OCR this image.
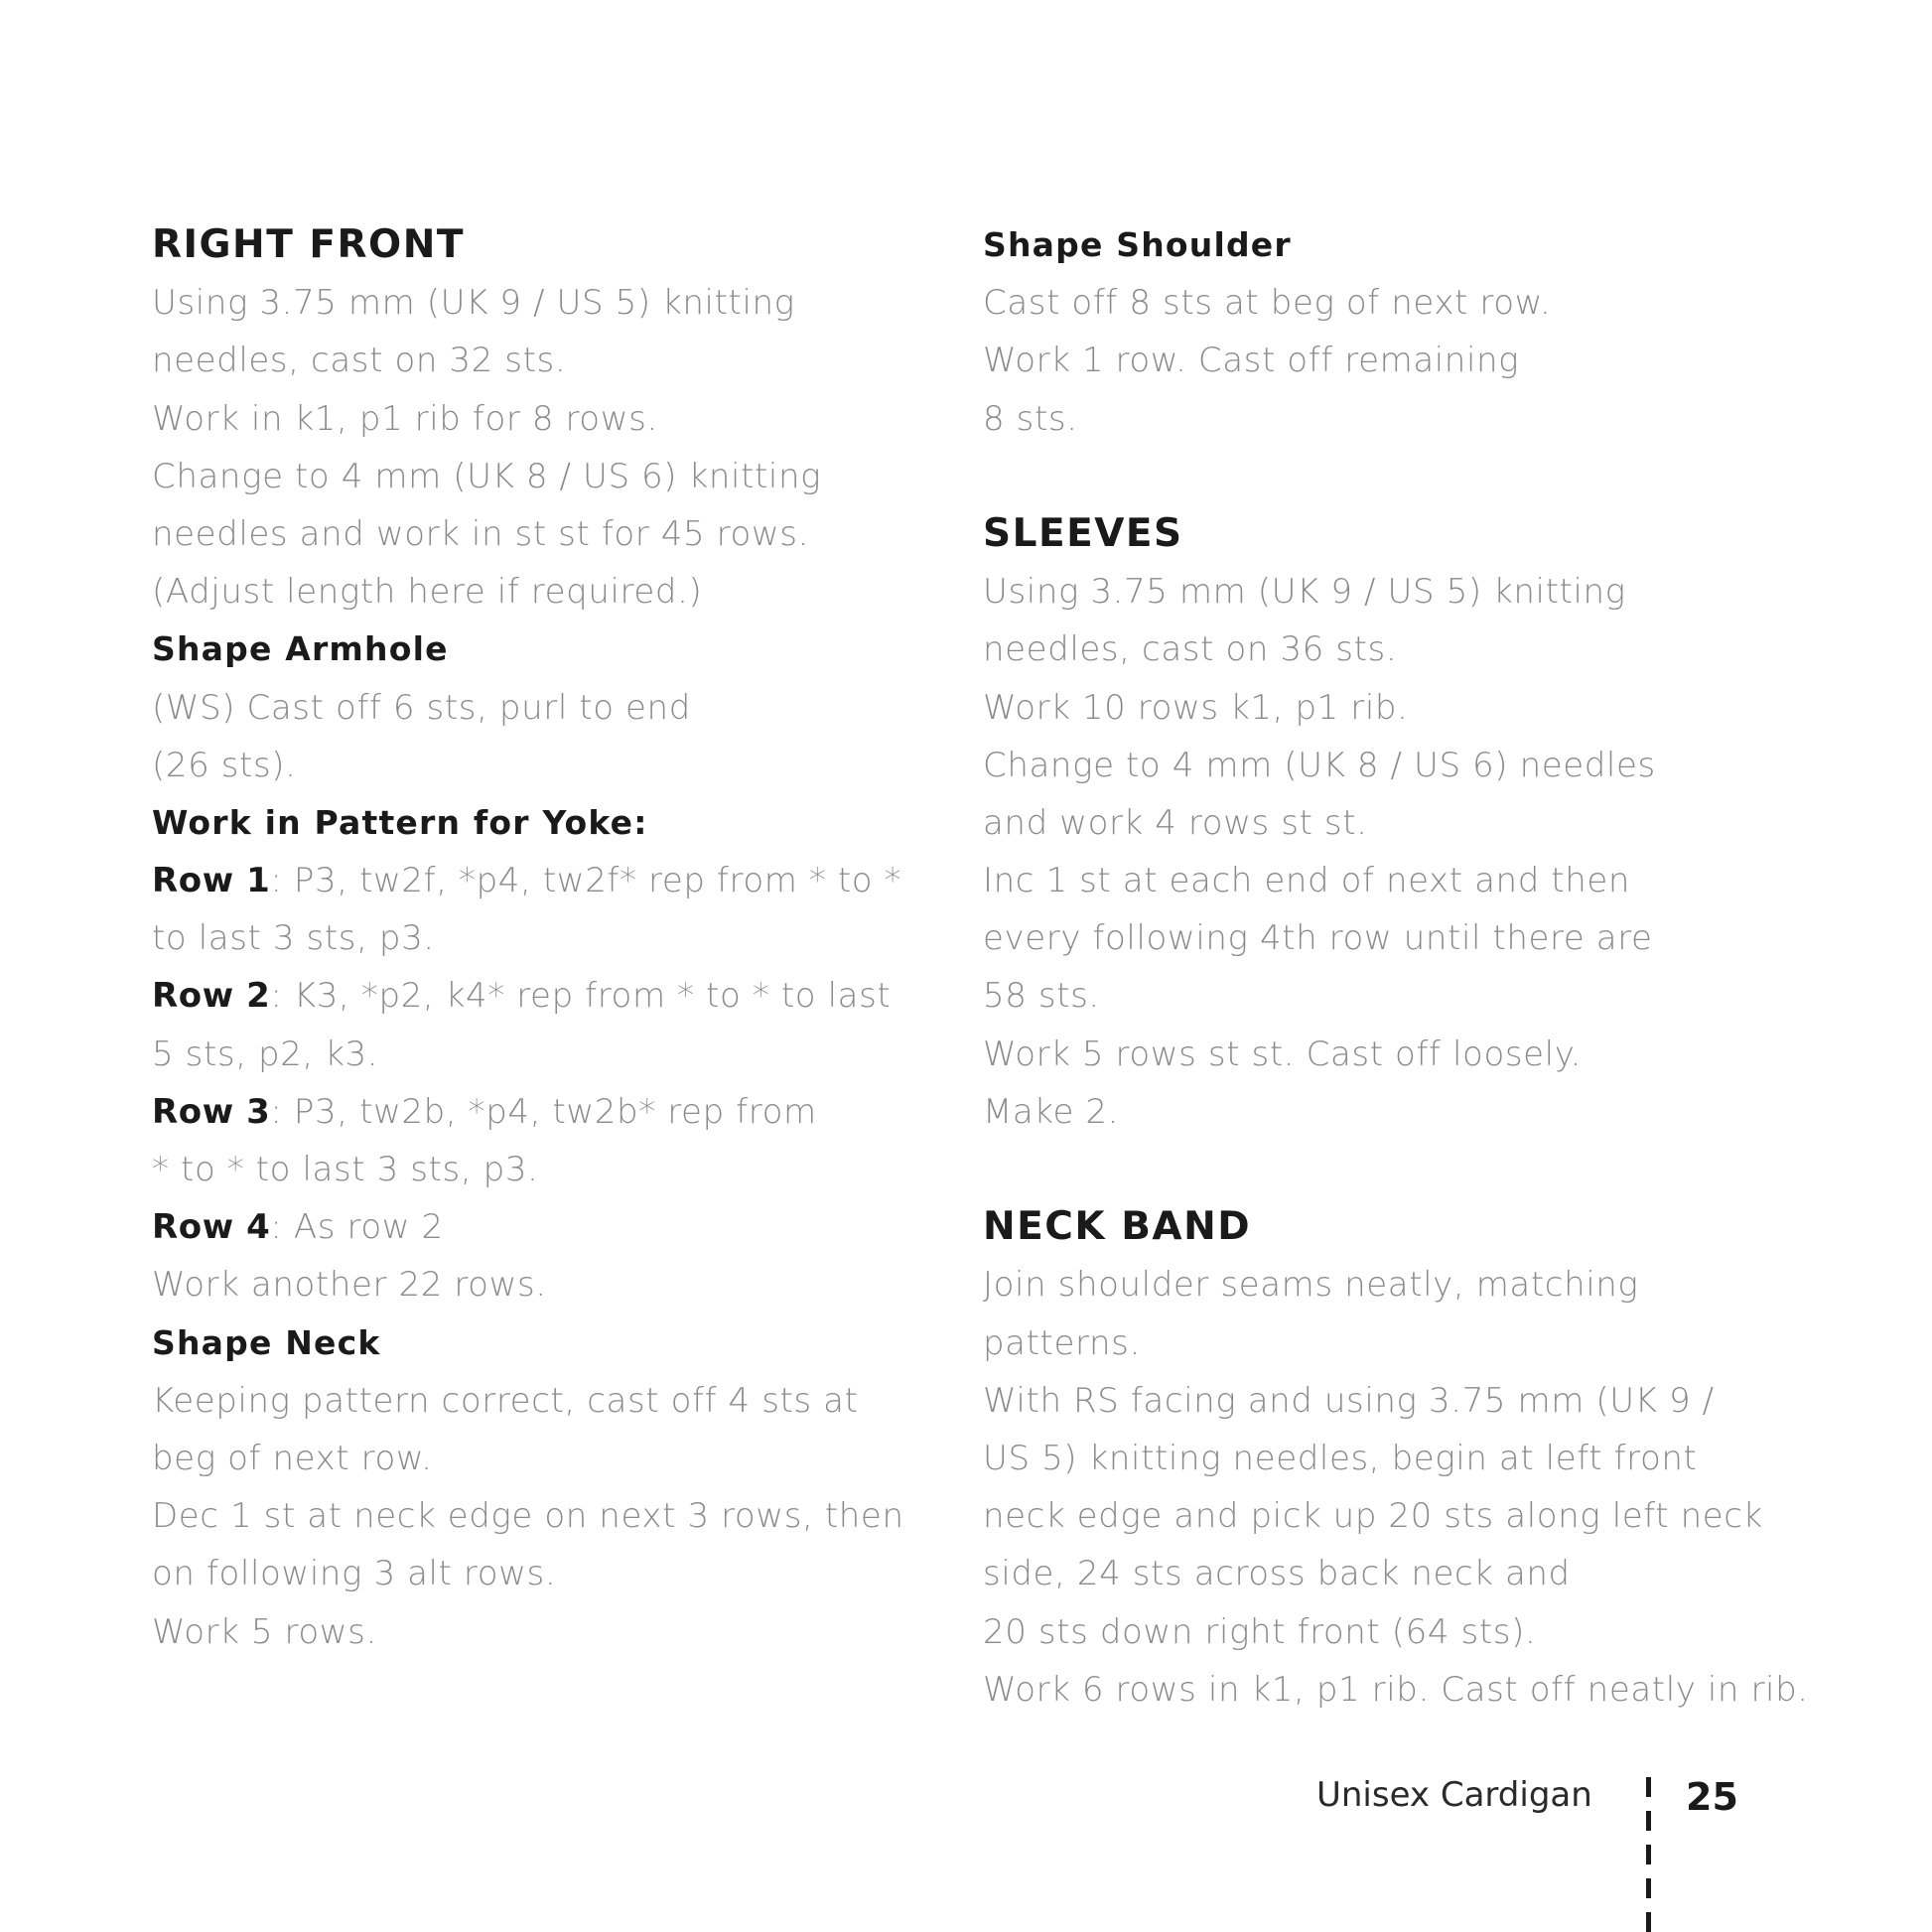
RIGHT FRONT
Using 3.75 mm (UK 9 / US 5) knitting
needles, cast on 32 sts.
Work in k1, p1 rib for 8 rows.
Change to 4 mm (UK 8 / US 6) knitting
needles and work in st st for 45 rows.
(Adjust length here if required.)
Shape Armhole
(WS) Cast off 6 sts, purl to end
(26 sts).
Work in Pattern for Yoke:
Row 1: P3, tw2f, *p4, tw2f* rep from * to *
to last 3 sts, p3.
Row 2: K3, *p2, k4* rep from * to * to last
5 sts, p2, k3.
Row 3: P3, tw2b, *p4, tw2b* rep from
* to * to last 3 sts, p3.
Row 4: As row 2
Work another 22 rows.
Shape Neck
Keeping pattern correct, cast off 4 sts at
beg of next row.
Dec 1 st at neck edge on next 3 rows, then
on following 3 alt rows.
Work 5 rows.
Shape Shoulder
Cast off 8 sts at beg of next row.
Work 1 row. Cast off remaining
8 sts.
SLEEVES
Using 3.75 mm (UK 9 / US 5) knitting
needles, cast on 36 sts.
Work 10 rows k1, p1 rib.
Change to 4 mm (UK 8 / US 6) needles
and work 4 rows st st.
Inc 1 st at each end of next and then
every following 4th row until there are
58 sts.
Work 5 rows st st. Cast off loosely.
Make 2.
NECK BAND
Join shoulder seams neatly, matching
patterns.
With RS facing and using 3.75 mm (UK 9 /
US 5) knitting needles, begin at left front
neck edge and pick up 20 sts along left neck
side, 24 sts across back neck and
20 sts down right front (64 sts).
Work 6 rows in k1, p1 rib. Cast off neatly in rib.
Unisex Cardigan 25
